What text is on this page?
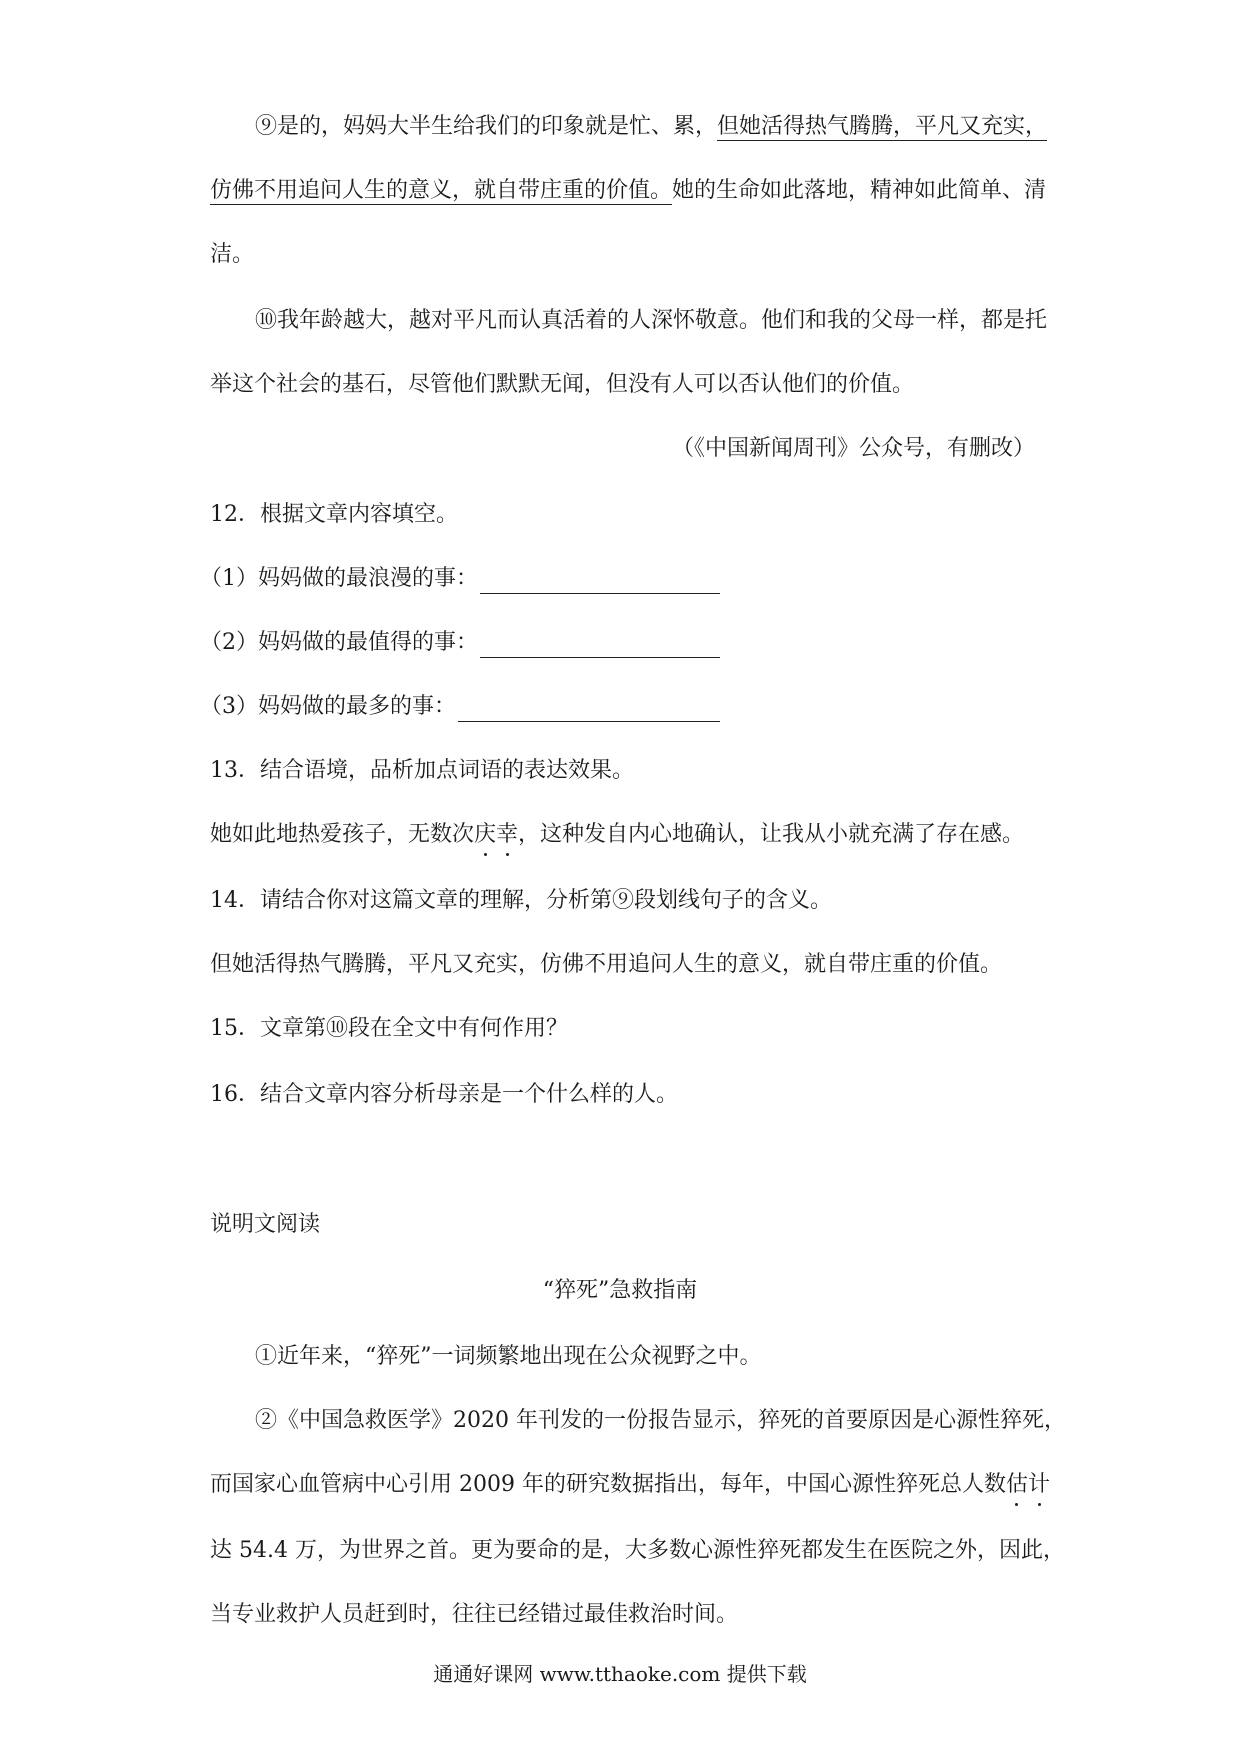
⑨是的，妈妈大半生给我们的印象就是忙、累，但她活得热气腾腾，平凡又充实，
仿佛不用追问人生的意义，就自带庄重的价值。她的生命如此落地，精神如此简单、清
洁。
⑩我年龄越大，越对平凡而认真活着的人深怀敬意。他们和我的父母一样，都是托
举这个社会的基石，尽管他们默默无闻，但没有人可以否认他们的价值。
（《中国新闻周刊》公众号，有删改）
12．根据文章内容填空。
（1）妈妈做的最浪漫的事：
（2）妈妈做的最值得的事：
（3）妈妈做的最多的事：
13．结合语境，品析加点词语的表达效果。
她如此地热爱孩子，无数次庆幸，这种发自内心地确认，让我从小就充满了存在感。
14．请结合你对这篇文章的理解，分析第⑨段划线句子的含义。
但她活得热气腾腾，平凡又充实，仿佛不用追问人生的意义，就自带庄重的价值。
15．文章第⑩段在全文中有何作用？
16．结合文章内容分析母亲是一个什么样的人。
说明文阅读
“猝死”急救指南
①近年来，“猝死”一词频繁地出现在公众视野之中。
②《中国急救医学》2020 年刊发的一份报告显示，猝死的首要原因是心源性猝死，
而国家心血管病中心引用 2009 年的研究数据指出，每年，中国心源性猝死总人数估计
达 54.4 万，为世界之首。更为要命的是，大多数心源性猝死都发生在医院之外，因此，
当专业救护人员赶到时，往往已经错过最佳救治时间。
通通好课网 www.tthaoke.com 提供下载
